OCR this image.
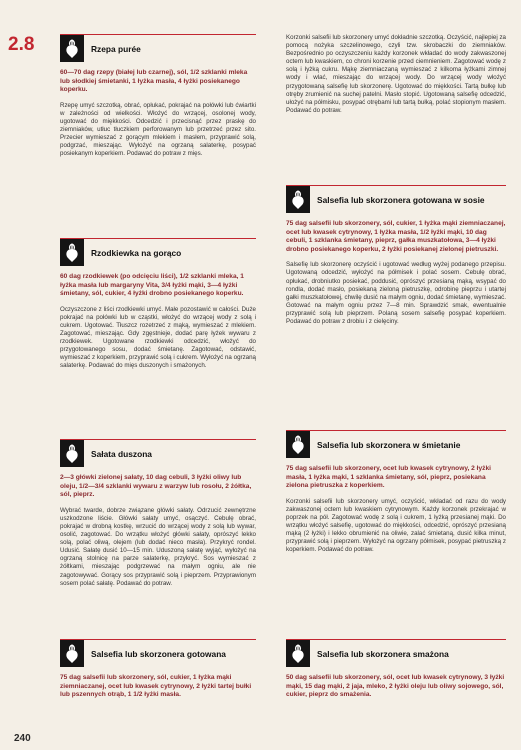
2.8
240
Rzepa purée

60—70 dag rzepy (białej lub czarnej), sól, 1/2 szklanki mleka lub słodkiej śmietanki, 1 łyżka masła, 4 łyżki posiekanego koperku.

Rzepę umyć szczotką, obrać, opłukać, pokrajać na połówki lub ćwiartki w zależności od wielkości. Włożyć do wrzącej, osolonej wody, ugotować do miękkości. Odcedzić i przecisnąć przez praskę do ziemniaków, utłuc tłuczkiem perforowanym lub przetrzeć przez sito. Przecier wymieszać z gorącym mlekiem i masłem, przyprawić solą, podgrzać, mieszając. Wyłożyć na ogrzaną salaterkę, posypać posiekanym koperkiem. Podawać do potraw z mięs.

Rzodkiewka na gorąco

60 dag rzodkiewek (po odcięciu liści), 1/2 szklanki mleka, 1 łyżka masła lub margaryny Vita, 3/4 łyżki mąki, 3—4 łyżki śmietany, sól, cukier, 4 łyżki drobno posiekanego koperku.

Oczyszczone z liści rzodkiewki umyć. Małe pozostawić w całości. Duże pokrajać na połówki lub w cząstki, włożyć do wrzącej wody z solą i cukrem. Ugotować. Tłuszcz rozetrzeć z mąką, wymieszać z mlekiem. Zagotować, mieszając. Gdy zgęstnieje, dodać parę łyżek wywaru z rzodkiewek. Ugotowane rzodkiewki odcedzić, włożyć do przygotowanego sosu, dodać śmietanę. Zagotować, odstawić, wymieszać z koperkiem, przyprawić solą i cukrem. Wyłożyć na ogrzaną salaterkę. Podawać do mięs duszonych i smażonych.

Sałata duszona

2—3 główki zielonej sałaty, 10 dag cebuli, 3 łyżki oliwy lub oleju, 1/2—3/4 szklanki wywaru z warzyw lub rosołu, 2 żółtka, sól, pieprz.

Wybrać twarde, dobrze związane główki sałaty. Odrzucić zewnętrzne uszkodzone liście. Główki sałaty umyć, osączyć. Cebulę obrać, pokrajać w drobną kostkę, wrzucić do wrzącej wody z solą lub wywar, osolić, zagotować. Do wrzątku włożyć główki sałaty, oprószyć lekko solą, polać oliwą, olejem (lub dodać nieco masła). Przykryć rondel. Udusić. Sałatę dusić 10—15 min. Uduszoną sałatę wyjąć, wyłożyć na ogrzaną stolnicę na parze salaterkę, przykryć. Sos wymieszać z żółtkami, mieszając podgrzewać na małym ogniu, ale nie zagotowywać. Gorący sos przyprawić solą i pieprzem. Przyprawionym sosem polać sałatę. Podawać do potraw.

Salsefia lub skorzonera gotowana

75 dag salsefii lub skorzonery, sól, cukier, 1 łyżka mąki ziemniaczanej, ocet lub kwasek cytrynowy, 2 łyżki tartej bułki lub pszennych otrąb, 1 1/2 łyżki masła.

Korzonki salsefii lub skorzonery umyć dokładnie szczotką. Oczyścić, najlepiej za pomocą nożyka szczelinowego, czyli tzw. skrobaczki do ziemniaków. Bezpośrednio po oczyszczeniu każdy korzonek wkładać do wody zakwaszonej octem lub kwaskiem, co chroni korzenie przed ciemnieniem. Zagotować wodę z solą i łyżką cukru. Mąkę ziemniaczaną wymieszać z kilkoma łyżkami zimnej wody i wlać, mieszając do wrzącej wody. Do wrzącej wody włożyć przygotowaną salsefię lub skorzonerę. Ugotować do miękkości. Tartą bułkę lub otręby zrumienić na suchej patelni. Masło stopić. Ugotowaną salsefię odcedzić, ułożyć na półmisku, posypać otrębami lub tartą bułką, polać stopionym masłem. Podawać do potraw.

Salsefia lub skorzonera gotowana w sosie

75 dag salsefii lub skorzonery, sól, cukier, 1 łyżka mąki ziemniaczanej, ocet lub kwasek cytrynowy, 1 łyżka masła, 1/2 łyżki mąki, 10 dag cebuli, 1 szklanka śmietany, pieprz, gałka muszkatołowa, 3—4 łyżki drobno posiekanego koperku, 2 łyżki posiekanej zielonej pietruszki.

Salsefię lub skorzonerę oczyścić i ugotować według wyżej podanego przepisu. Ugotowaną odcedzić, wyłożyć na półmisek i polać sosem. Cebulę obrać, opłukać, drobniutko posiekać, poddusić, oprószyć przesianą mąką, wsypać do rondla, dodać masło, posiekaną zieloną pietruszkę, odrobinę pieprzu i utartej gałki muszkatołowej, chwilę dusić na małym ogniu, dodać śmietanę, wymieszać. Gotować na małym ogniu przez 7—8 min. Sprawdzić smak, ewentualnie przyprawić solą lub pieprzem. Polaną sosem salsefię posypać koperkiem. Podawać do potraw z drobiu i z cielęciny.

Salsefia lub skorzonera w śmietanie

75 dag salsefii lub skorzonery, ocet lub kwasek cytrynowy, 2 łyżki masła, 1 łyżka mąki, 1 szklanka śmietany, sól, pieprz, posiekana zielona pietruszka z koperkiem.

Korzonki salsefii lub skorzonery umyć, oczyścić, wkładać od razu do wody zakwaszonej octem lub kwaskiem cytrynowym. Każdy korzonek przekrajać w poprzek na pół. Zagotować wodę z solą i cukrem, 1 łyżką przesianej mąki. Do wrzątku włożyć salsefię, ugotować do miękkości, odcedzić, oprószyć przesianą mąką (2 łyżki) i lekko obrumienić na oliwie, zalać śmietaną, dusić kilka minut, przyprawić solą i pieprzem. Wyłożyć na ogrzany półmisek, posypać pietruszką z koperkiem. Podawać do potraw.

Salsefia lub skorzonera smażona

50 dag salsefii lub skorzonery, sól, ocet lub kwasek cytrynowy, 3 łyżki mąki, 15 dag mąki, 2 jaja, mleko, 2 łyżki oleju lub oliwy sojowego, sól, cukier, pieprz do smażenia.
